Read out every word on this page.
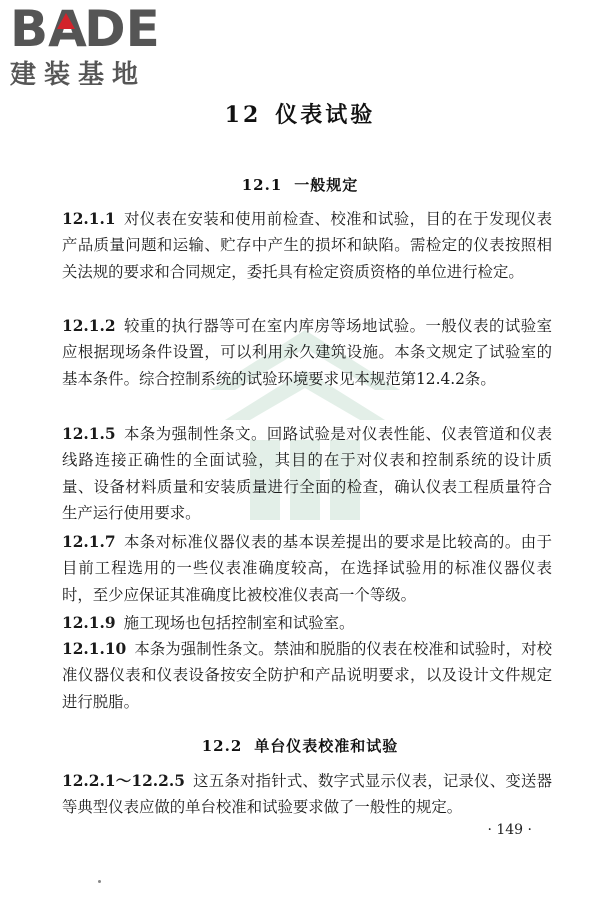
B A
DE
建装基地
12 仪表试验
12.1 一般规定
12.1.1 对仪表在安装和使用前检查、校准和试验，目的在于发现仪表产品质量问题和运输、贮存中产生的损坏和缺陷。需检定的仪表按照相关法规的要求和合同规定，委托具有检定资质资格的单位进行检定。
12.1.2 较重的执行器等可在室内库房等场地试验。一般仪表的试验室应根据现场条件设置，可以利用永久建筑设施。本条文规定了试验室的基本条件。综合控制系统的试验环境要求见本规范第12.4.2条。
12.1.5 本条为强制性条文。回路试验是对仪表性能、仪表管道和仪表线路连接正确性的全面试验，其目的在于对仪表和控制系统的设计质量、设备材料质量和安装质量进行全面的检查，确认仪表工程质量符合生产运行使用要求。
12.1.7 本条对标准仪器仪表的基本误差提出的要求是比较高的。由于目前工程选用的一些仪表准确度较高，在选择试验用的标准仪器仪表时，至少应保证其准确度比被校准仪表高一个等级。
12.1.9 施工现场也包括控制室和试验室。
12.1.10 本条为强制性条文。禁油和脱脂的仪表在校准和试验时，对校准仪器仪表和仪表设备按安全防护和产品说明要求，以及设计文件规定进行脱脂。
12.2 单台仪表校准和试验
12.2.1～12.2.5 这五条对指针式、数字式显示仪表，记录仪、变送器等典型仪表应做的单台校准和试验要求做了一般性的规定。
· 149 ·
